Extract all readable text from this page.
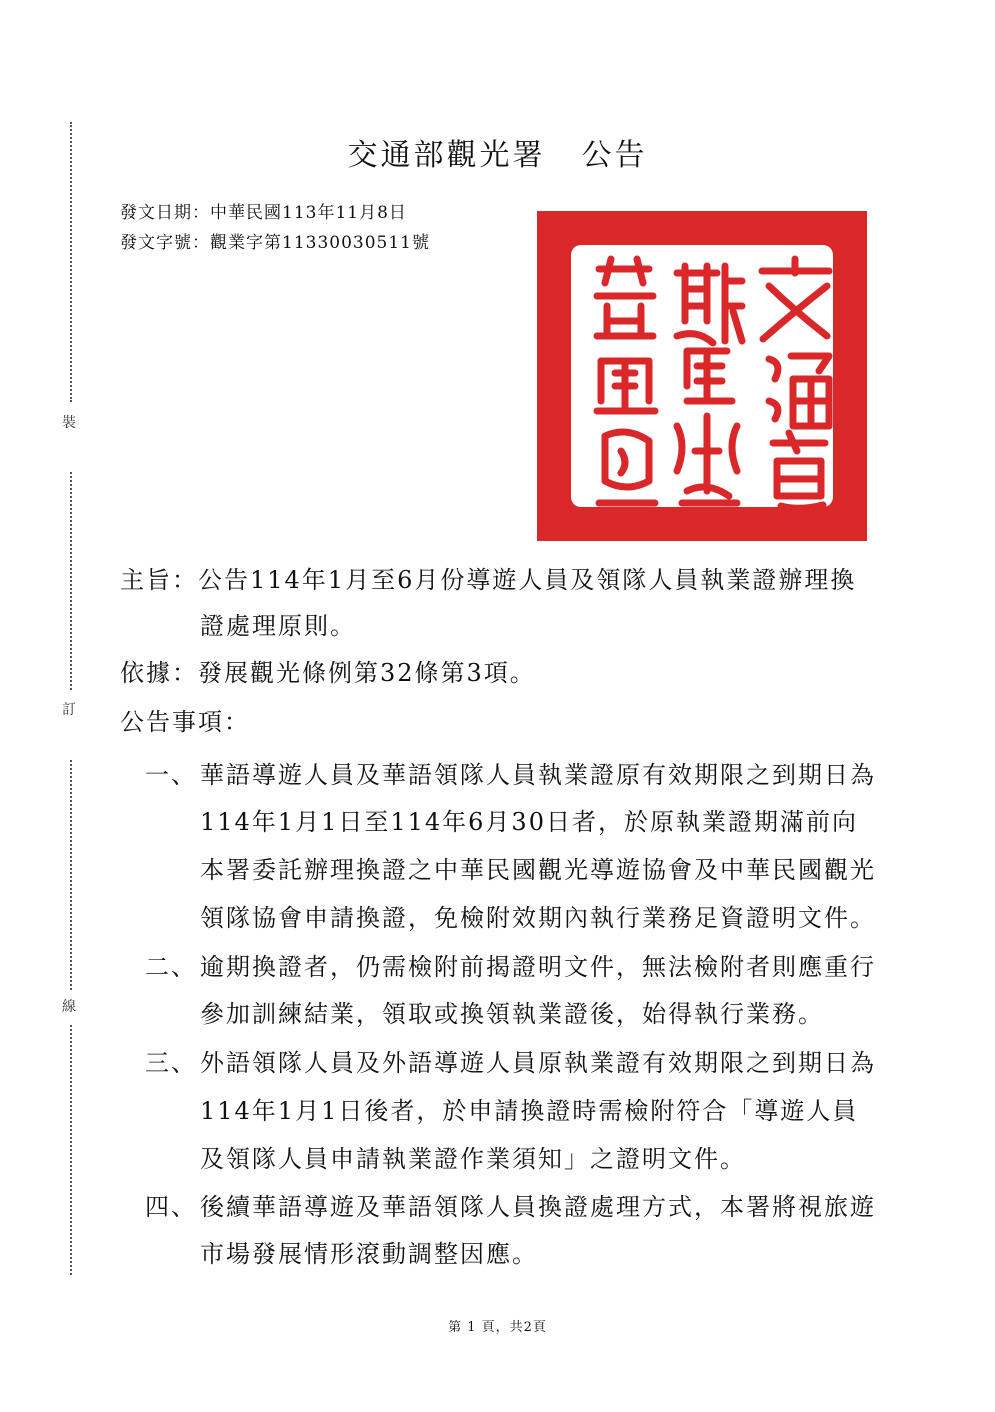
裝
訂
線
交通部觀光署 公告
發文日期：中華民國113年11月8日
發文字號：觀業字第11330030511號
主旨：公告114年1月至6月份導遊人員及領隊人員執業證辦理換
證處理原則。
依據：發展觀光條例第32條第3項。
公告事項：
一、 華語導遊人員及華語領隊人員執業證原有效期限之到期日為
114年1月1日至114年6月30日者，於原執業證期滿前向
本署委託辦理換證之中華民國觀光導遊協會及中華民國觀光
領隊協會申請換證，免檢附效期內執行業務足資證明文件。
二、 逾期換證者，仍需檢附前揭證明文件，無法檢附者則應重行
參加訓練結業，領取或換領執業證後，始得執行業務。
三、 外語領隊人員及外語導遊人員原執業證有效期限之到期日為
114年1月1日後者，於申請換證時需檢附符合「導遊人員
及領隊人員申請執業證作業須知」之證明文件。
四、 後續華語導遊及華語領隊人員換證處理方式，本署將視旅遊
市場發展情形滾動調整因應。
第 1 頁，共2頁
